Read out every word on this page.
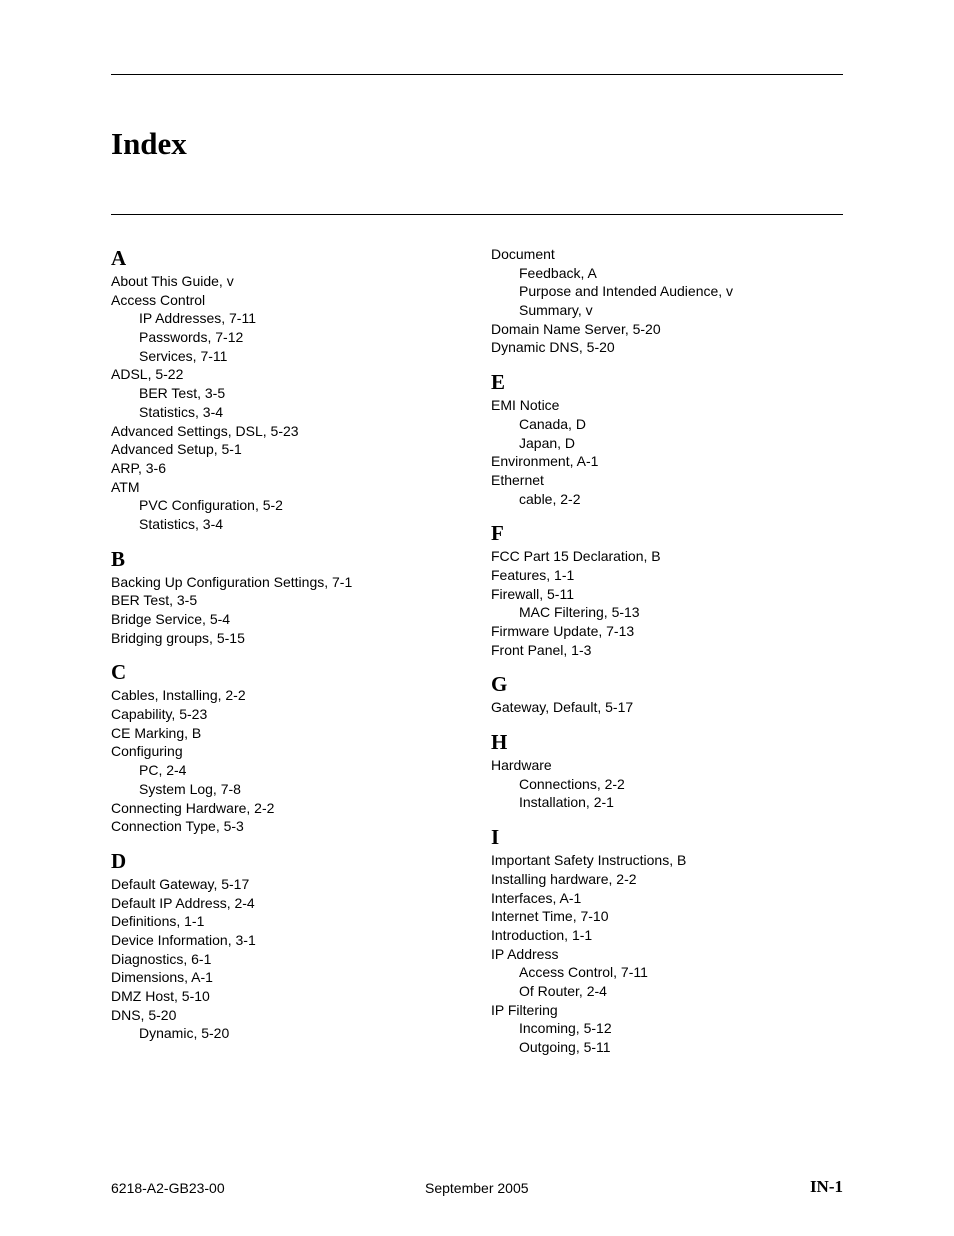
Index
A
About This Guide, v
Access Control
IP Addresses, 7-11
Passwords, 7-12
Services, 7-11
ADSL, 5-22
BER Test, 3-5
Statistics, 3-4
Advanced Settings, DSL, 5-23
Advanced Setup, 5-1
ARP, 3-6
ATM
PVC Configuration, 5-2
Statistics, 3-4
B
Backing Up Configuration Settings, 7-1
BER Test, 3-5
Bridge Service, 5-4
Bridging groups, 5-15
C
Cables, Installing, 2-2
Capability, 5-23
CE Marking, B
Configuring
PC, 2-4
System Log, 7-8
Connecting Hardware, 2-2
Connection Type, 5-3
D
Default Gateway, 5-17
Default IP Address, 2-4
Definitions, 1-1
Device Information, 3-1
Diagnostics, 6-1
Dimensions, A-1
DMZ Host, 5-10
DNS, 5-20
Dynamic, 5-20
Document
Feedback, A
Purpose and Intended Audience, v
Summary, v
Domain Name Server, 5-20
Dynamic DNS, 5-20
E
EMI Notice
Canada, D
Japan, D
Environment, A-1
Ethernet
cable, 2-2
F
FCC Part 15 Declaration, B
Features, 1-1
Firewall, 5-11
MAC Filtering, 5-13
Firmware Update, 7-13
Front Panel, 1-3
G
Gateway, Default, 5-17
H
Hardware
Connections, 2-2
Installation, 2-1
I
Important Safety Instructions, B
Installing hardware, 2-2
Interfaces, A-1
Internet Time, 7-10
Introduction, 1-1
IP Address
Access Control, 7-11
Of Router, 2-4
IP Filtering
Incoming, 5-12
Outgoing, 5-11
6218-A2-GB23-00	September 2005	IN-1
